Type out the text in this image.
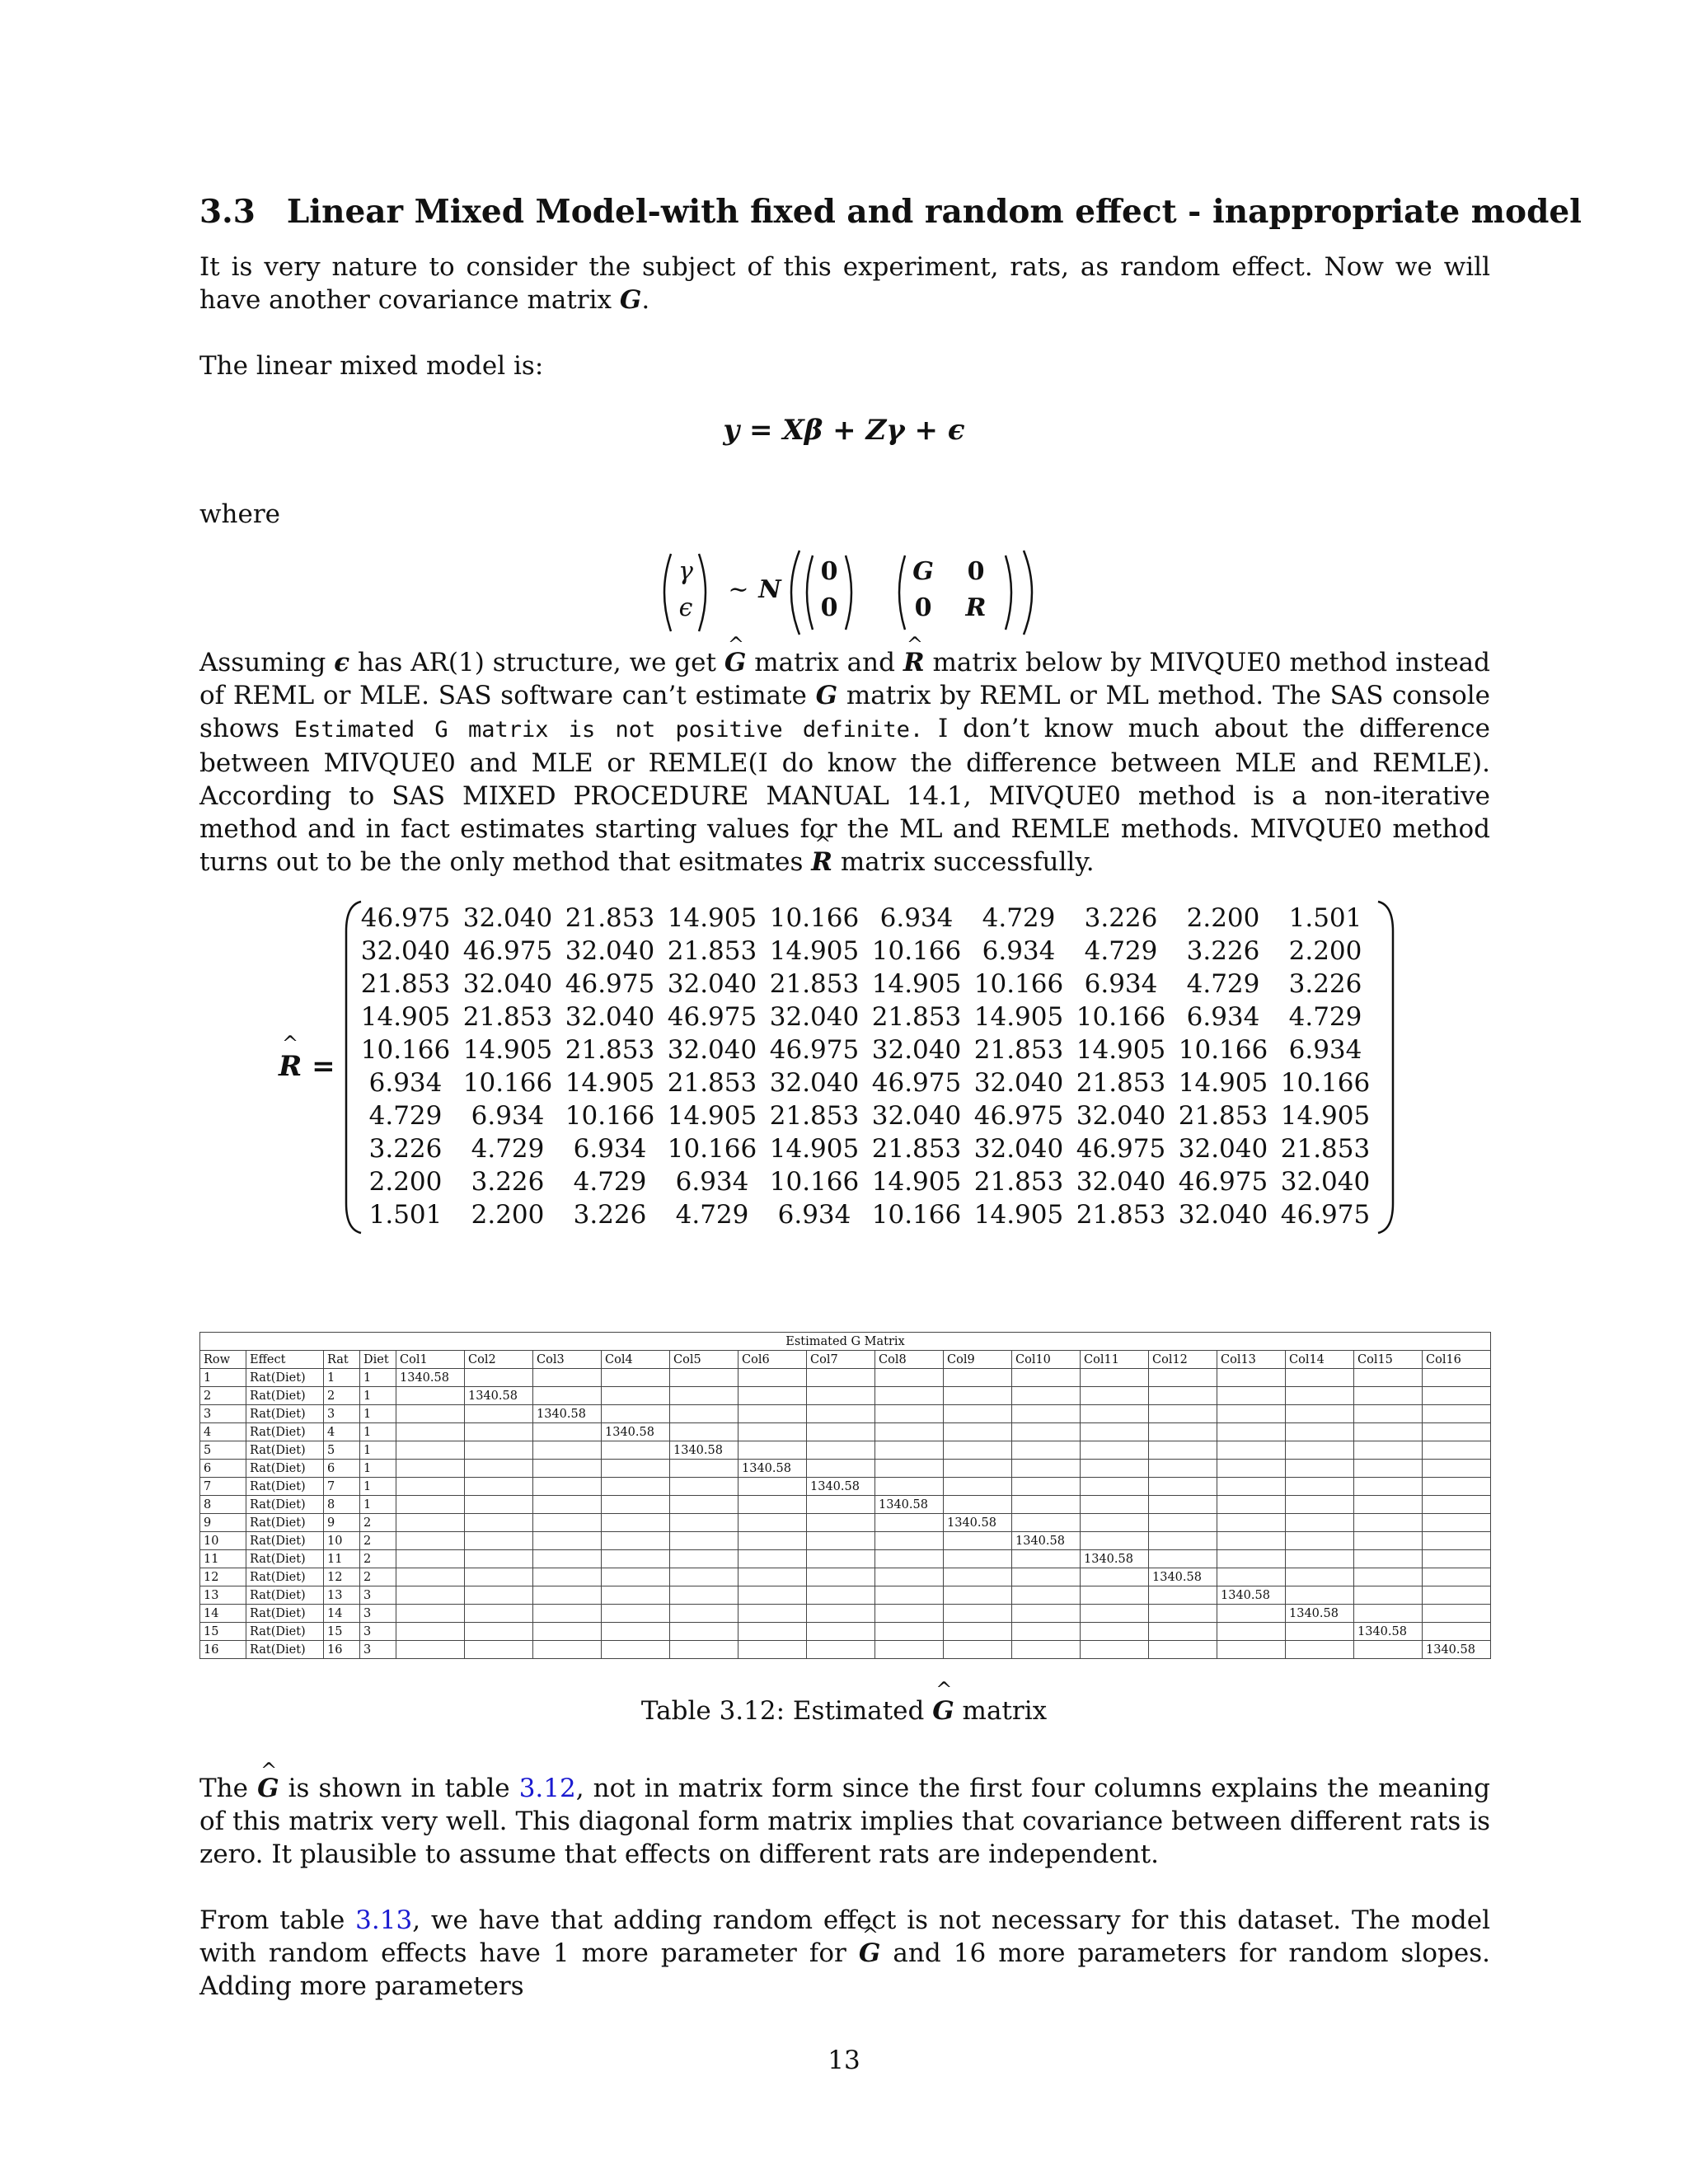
3.3 Linear Mixed Model-with fixed and random effect - inappropriate model
It is very nature to consider the subject of this experiment, rats, as random effect. Now we will have another covariance matrix G.
The linear mixed model is:
y = Xβ + Zγ + ϵ
where
γ
ϵ
∼ N
0
0
G	0
0	R
Assuming ϵ has AR(1) structure, we get ^ G matrix and ^ R matrix below by MIVQUE0 method instead of REML or MLE. SAS software can’t estimate G matrix by REML or ML method. The SAS console shows Estimated G matrix is not positive definite. I don’t know much about the difference between MIVQUE0 and MLE or REMLE(I do know the difference between MLE and REMLE). According to SAS MIXED PROCEDURE MANUAL 14.1, MIVQUE0 method is a non-iterative method and in fact estimates starting values for the ML and REMLE methods. MIVQUE0 method turns out to be the only method that esitmates ^ R matrix successfully.
^ R =
46.975	32.040	21.853	14.905	10.166	6.934	4.729	3.226	2.200	1.501
32.040	46.975	32.040	21.853	14.905	10.166	6.934	4.729	3.226	2.200
21.853	32.040	46.975	32.040	21.853	14.905	10.166	6.934	4.729	3.226
14.905	21.853	32.040	46.975	32.040	21.853	14.905	10.166	6.934	4.729
10.166	14.905	21.853	32.040	46.975	32.040	21.853	14.905	10.166	6.934
6.934	10.166	14.905	21.853	32.040	46.975	32.040	21.853	14.905	10.166
4.729	6.934	10.166	14.905	21.853	32.040	46.975	32.040	21.853	14.905
3.226	4.729	6.934	10.166	14.905	21.853	32.040	46.975	32.040	21.853
2.200	3.226	4.729	6.934	10.166	14.905	21.853	32.040	46.975	32.040
1.501	2.200	3.226	4.729	6.934	10.166	14.905	21.853	32.040	46.975
Estimated G Matrix																			
Row	Effect	Rat	Diet	Col1	Col2	Col3	Col4	Col5	Col6	Col7	Col8	Col9	Col10	Col11	Col12	Col13	Col14	Col15	Col16
1	Rat(Diet)	1	1	1340.58															
2	Rat(Diet)	2	1		1340.58														
3	Rat(Diet)	3	1			1340.58													
4	Rat(Diet)	4	1				1340.58												
5	Rat(Diet)	5	1					1340.58											
6	Rat(Diet)	6	1						1340.58										
7	Rat(Diet)	7	1							1340.58									
8	Rat(Diet)	8	1								1340.58								
9	Rat(Diet)	9	2									1340.58							
10	Rat(Diet)	10	2										1340.58						
11	Rat(Diet)	11	2											1340.58					
12	Rat(Diet)	12	2												1340.58				
13	Rat(Diet)	13	3													1340.58			
14	Rat(Diet)	14	3														1340.58		
15	Rat(Diet)	15	3															1340.58	
16	Rat(Diet)	16	3																1340.58
Table 3.12: Estimated ^ G matrix
The ^ G is shown in table 3.12, not in matrix form since the first four columns explains the meaning of this matrix very well. This diagonal form matrix implies that covariance between different rats is zero. It plausible to assume that effects on different rats are independent.
From table 3.13, we have that adding random effect is not necessary for this dataset. The model with random effects have 1 more parameter for ^ G and 16 more parameters for random slopes. Adding more parameters
13
